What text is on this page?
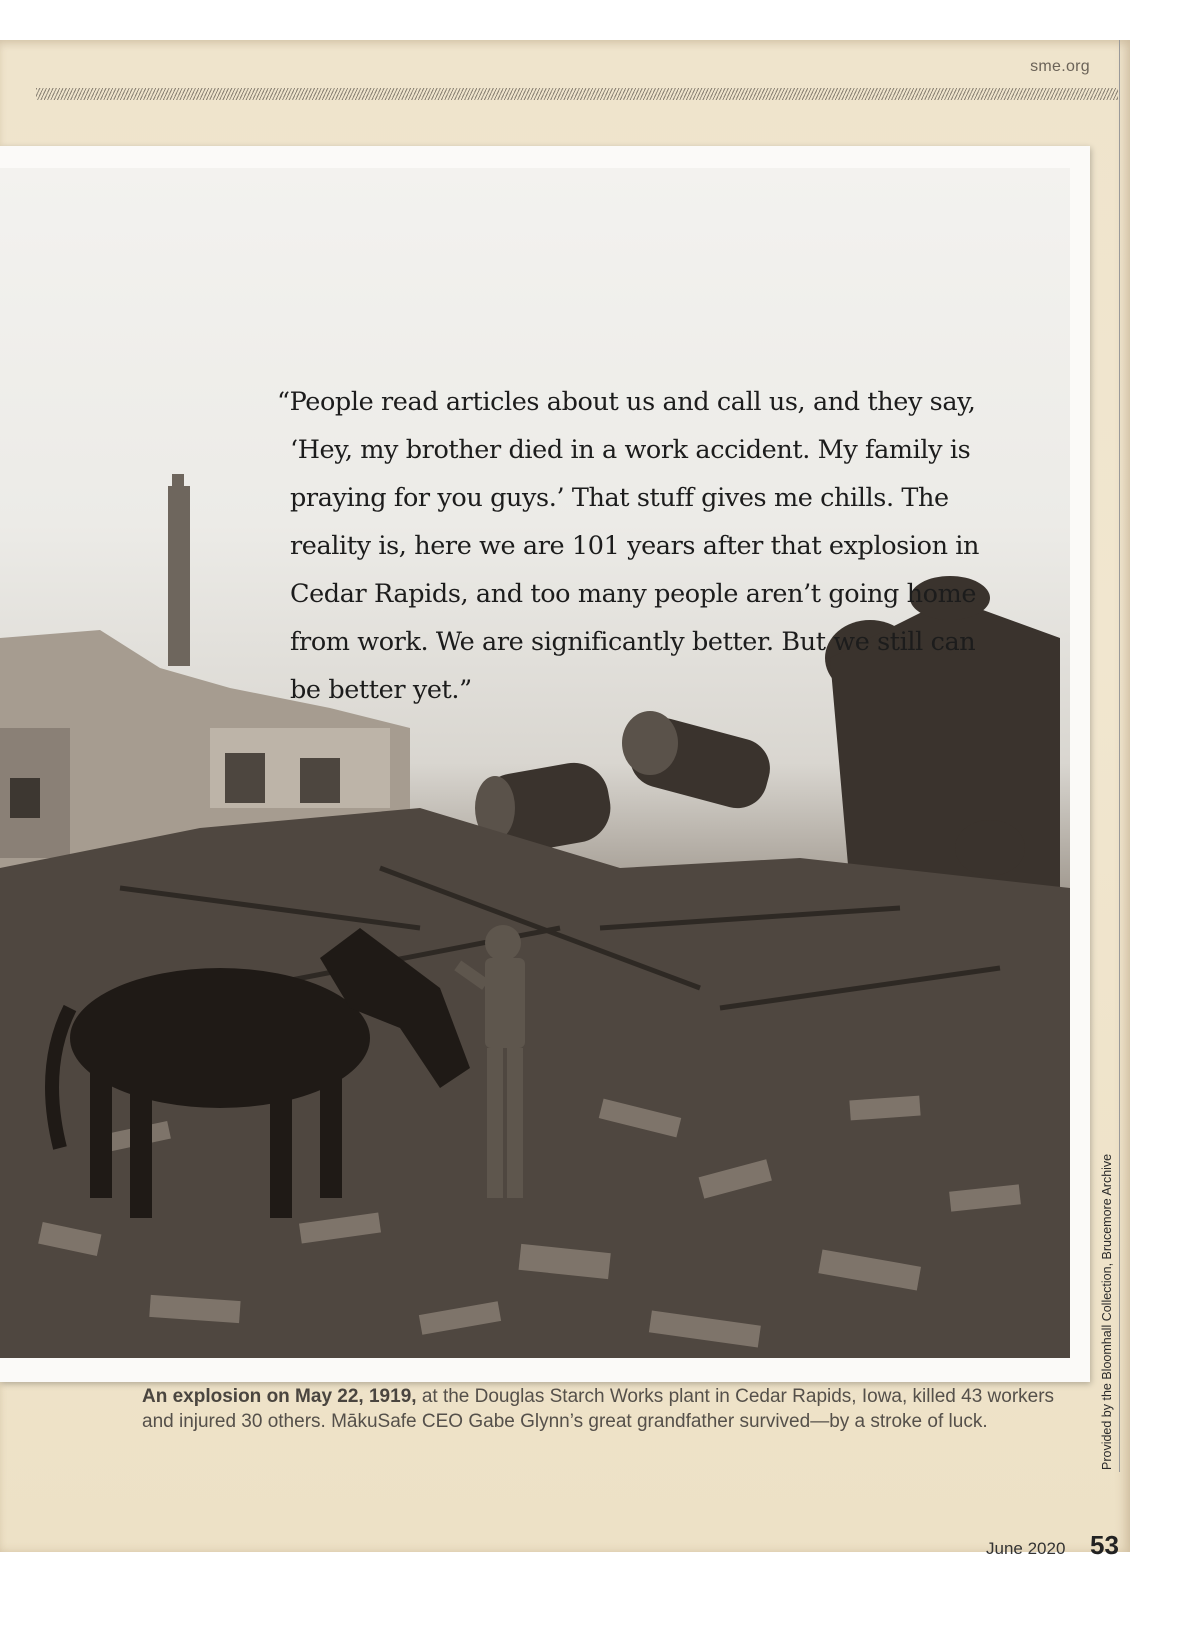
sme.org
“People read articles about us and call us, and they say, ‘Hey, my brother died in a work accident. My family is praying for you guys.’ That stuff gives me chills. The reality is, here we are 101 years after that explosion in Cedar Rapids, and too many people aren’t going home from work. We are significantly better. But we still can be better yet.”
An explosion on May 22, 1919, at the Douglas Starch Works plant in Cedar Rapids, Iowa, killed 43 workers and injured 30 others. MākuSafe CEO Gabe Glynn’s great grandfather survived—by a stroke of luck.	Provided by the Bloomhall Collection, Brucemore Archive
June 2020 53
